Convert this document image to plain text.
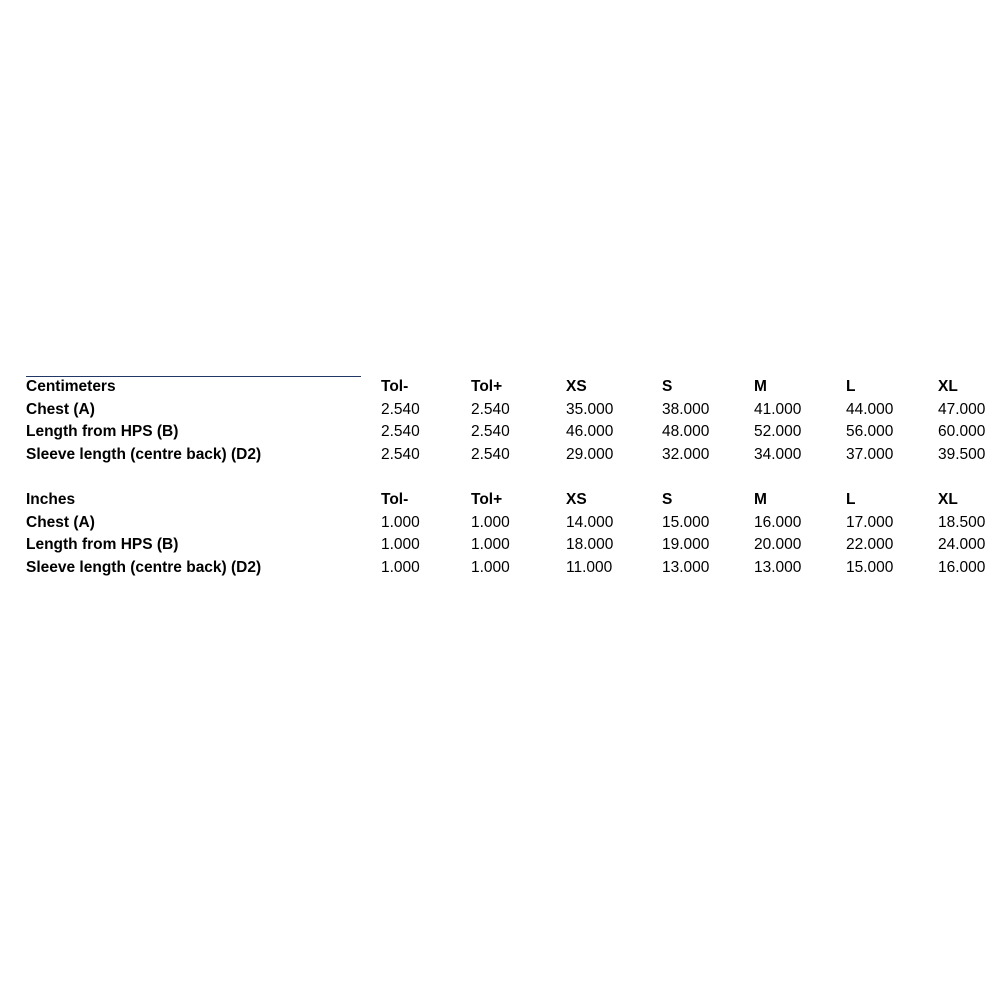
Centimeters	Tol-	Tol+	XS	S	M	L	XL
Chest (A)	2.540	2.540	35.000	38.000	41.000	44.000	47.000
Length from HPS (B)	2.540	2.540	46.000	48.000	52.000	56.000	60.000
Sleeve length (centre back) (D2)	2.540	2.540	29.000	32.000	34.000	37.000	39.500

Inches	Tol-	Tol+	XS	S	M	L	XL
Chest (A)	1.000	1.000	14.000	15.000	16.000	17.000	18.500
Length from HPS (B)	1.000	1.000	18.000	19.000	20.000	22.000	24.000
Sleeve length (centre back) (D2)	1.000	1.000	11.000	13.000	13.000	15.000	16.000
